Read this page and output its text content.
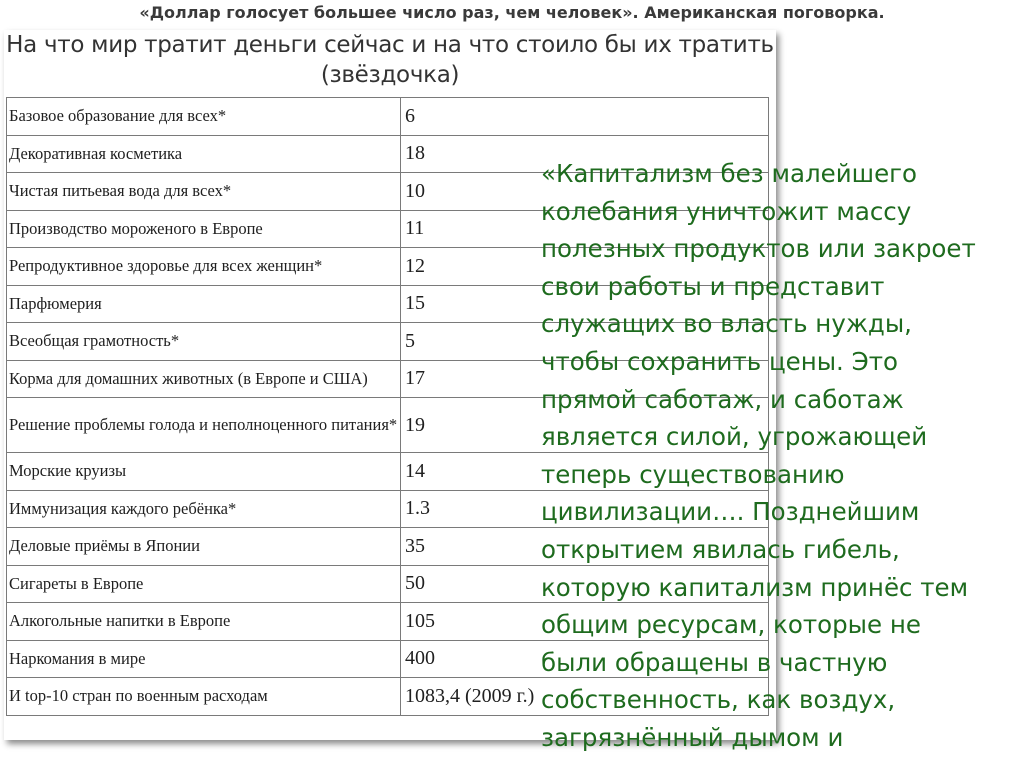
«Доллар голосует большее число раз, чем человек». Американская поговорка.
На что мир тратит деньги сейчас и на что стоило бы их тратить
(звёздочка)
Базовое образование для всех*	6
Декоративная косметика	18
Чистая питьевая вода для всех*	10
Производство мороженого в Европе	11
Репродуктивное здоровье для всех женщин*	12
Парфюмерия	15
Всеобщая грамотность*	5
Корма для домашних животных (в Европе и США)	17
Решение проблемы голода и неполноценного питания*	19
Морские круизы	14
Иммунизация каждого ребёнка*	1.3
Деловые приёмы в Японии	35
Сигареты в Европе	50
Алкогольные напитки в Европе	105
Наркомания в мире	400
И top-10 стран по военным расходам	1083,4 (2009 г.)
«Капитализм без малейшего
колебания уничтожит массу
полезных продуктов или закроет
свои работы и представит
служащих во власть нужды,
чтобы сохранить цены. Это
прямой саботаж, и саботаж
является силой, угрожающей
теперь существованию
цивилизации…. Позднейшим
открытием явилась гибель,
которую капитализм принёс тем
общим ресурсам, которые не
были обращены в частную
собственность, как воздух,
загрязнённый дымом и
